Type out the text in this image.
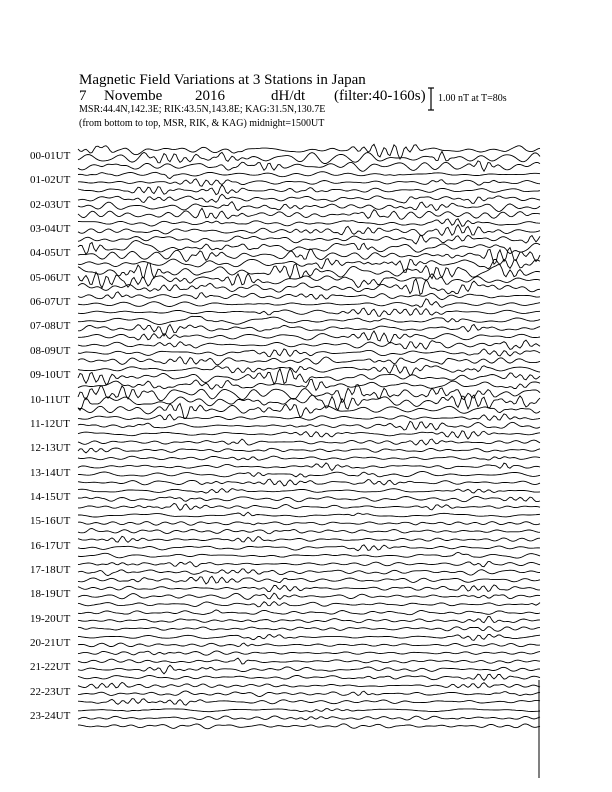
Magnetic Field Variations at 3 Stations in Japan
7 Novembe 2016	dH/dt (filter:40-160s)
MSR:44.4N,142.3E; RIK:43.5N,143.8E; KAG:31.5N,130.7E
(from bottom to top, MSR, RIK, & KAG) midnight=1500UT
1.00 nT at T=80s
00-01UT
01-02UT
02-03UT
03-04UT
04-05UT
05-06UT
06-07UT
07-08UT
08-09UT
09-10UT
10-11UT
11-12UT
12-13UT
13-14UT
14-15UT
15-16UT
16-17UT
17-18UT
18-19UT
19-20UT
20-21UT
21-22UT
22-23UT
23-24UT
